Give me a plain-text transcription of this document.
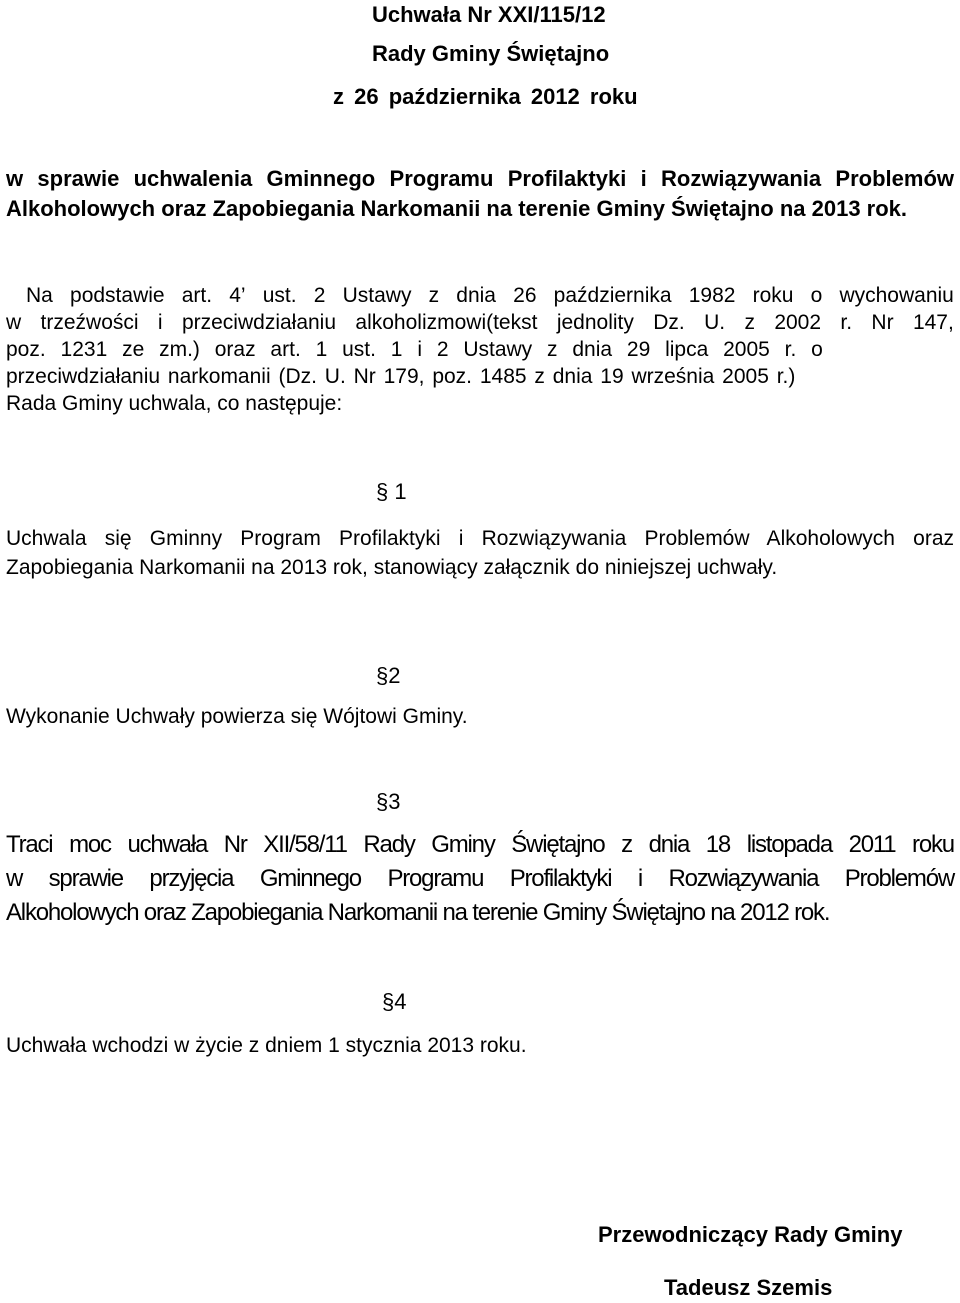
Uchwała Nr XXI/115/12
Rady Gminy Świętajno
z 26 października 2012 roku
w sprawie uchwalenia Gminnego Programu Profilaktyki i Rozwiązywania Problemów Alkoholowych oraz Zapobiegania Narkomanii na terenie Gminy Świętajno na 2013 rok.
Na podstawie art. 4’ ust. 2 Ustawy z dnia 26 października 1982 roku o wychowaniu
w trzeźwości i przeciwdziałaniu alkoholizmowi(tekst jednolity Dz. U. z 2002 r. Nr 147,
poz. 1231 ze zm.) oraz art. 1 ust. 1 i 2 Ustawy z dnia 29 lipca 2005 r. o
przeciwdziałaniu narkomanii (Dz. U. Nr 179, poz. 1485 z dnia 19 września 2005 r.)
Rada Gminy uchwala, co następuje:
§ 1
Uchwala się Gminny Program Profilaktyki i Rozwiązywania Problemów Alkoholowych oraz Zapobiegania Narkomanii na 2013 rok, stanowiący załącznik do niniejszej uchwały.
§2
Wykonanie Uchwały powierza się Wójtowi Gminy.
§3
Traci moc uchwała Nr XII/58/11 Rady Gminy Świętajno z dnia 18 listopada 2011 roku
w sprawie przyjęcia Gminnego Programu Profilaktyki i Rozwiązywania Problemów
Alkoholowych oraz Zapobiegania Narkomanii na terenie Gminy Świętajno na 2012 rok.
§4
Uchwała wchodzi w życie z dniem 1 stycznia 2013 roku.
Przewodniczący Rady Gminy
Tadeusz Szemis
